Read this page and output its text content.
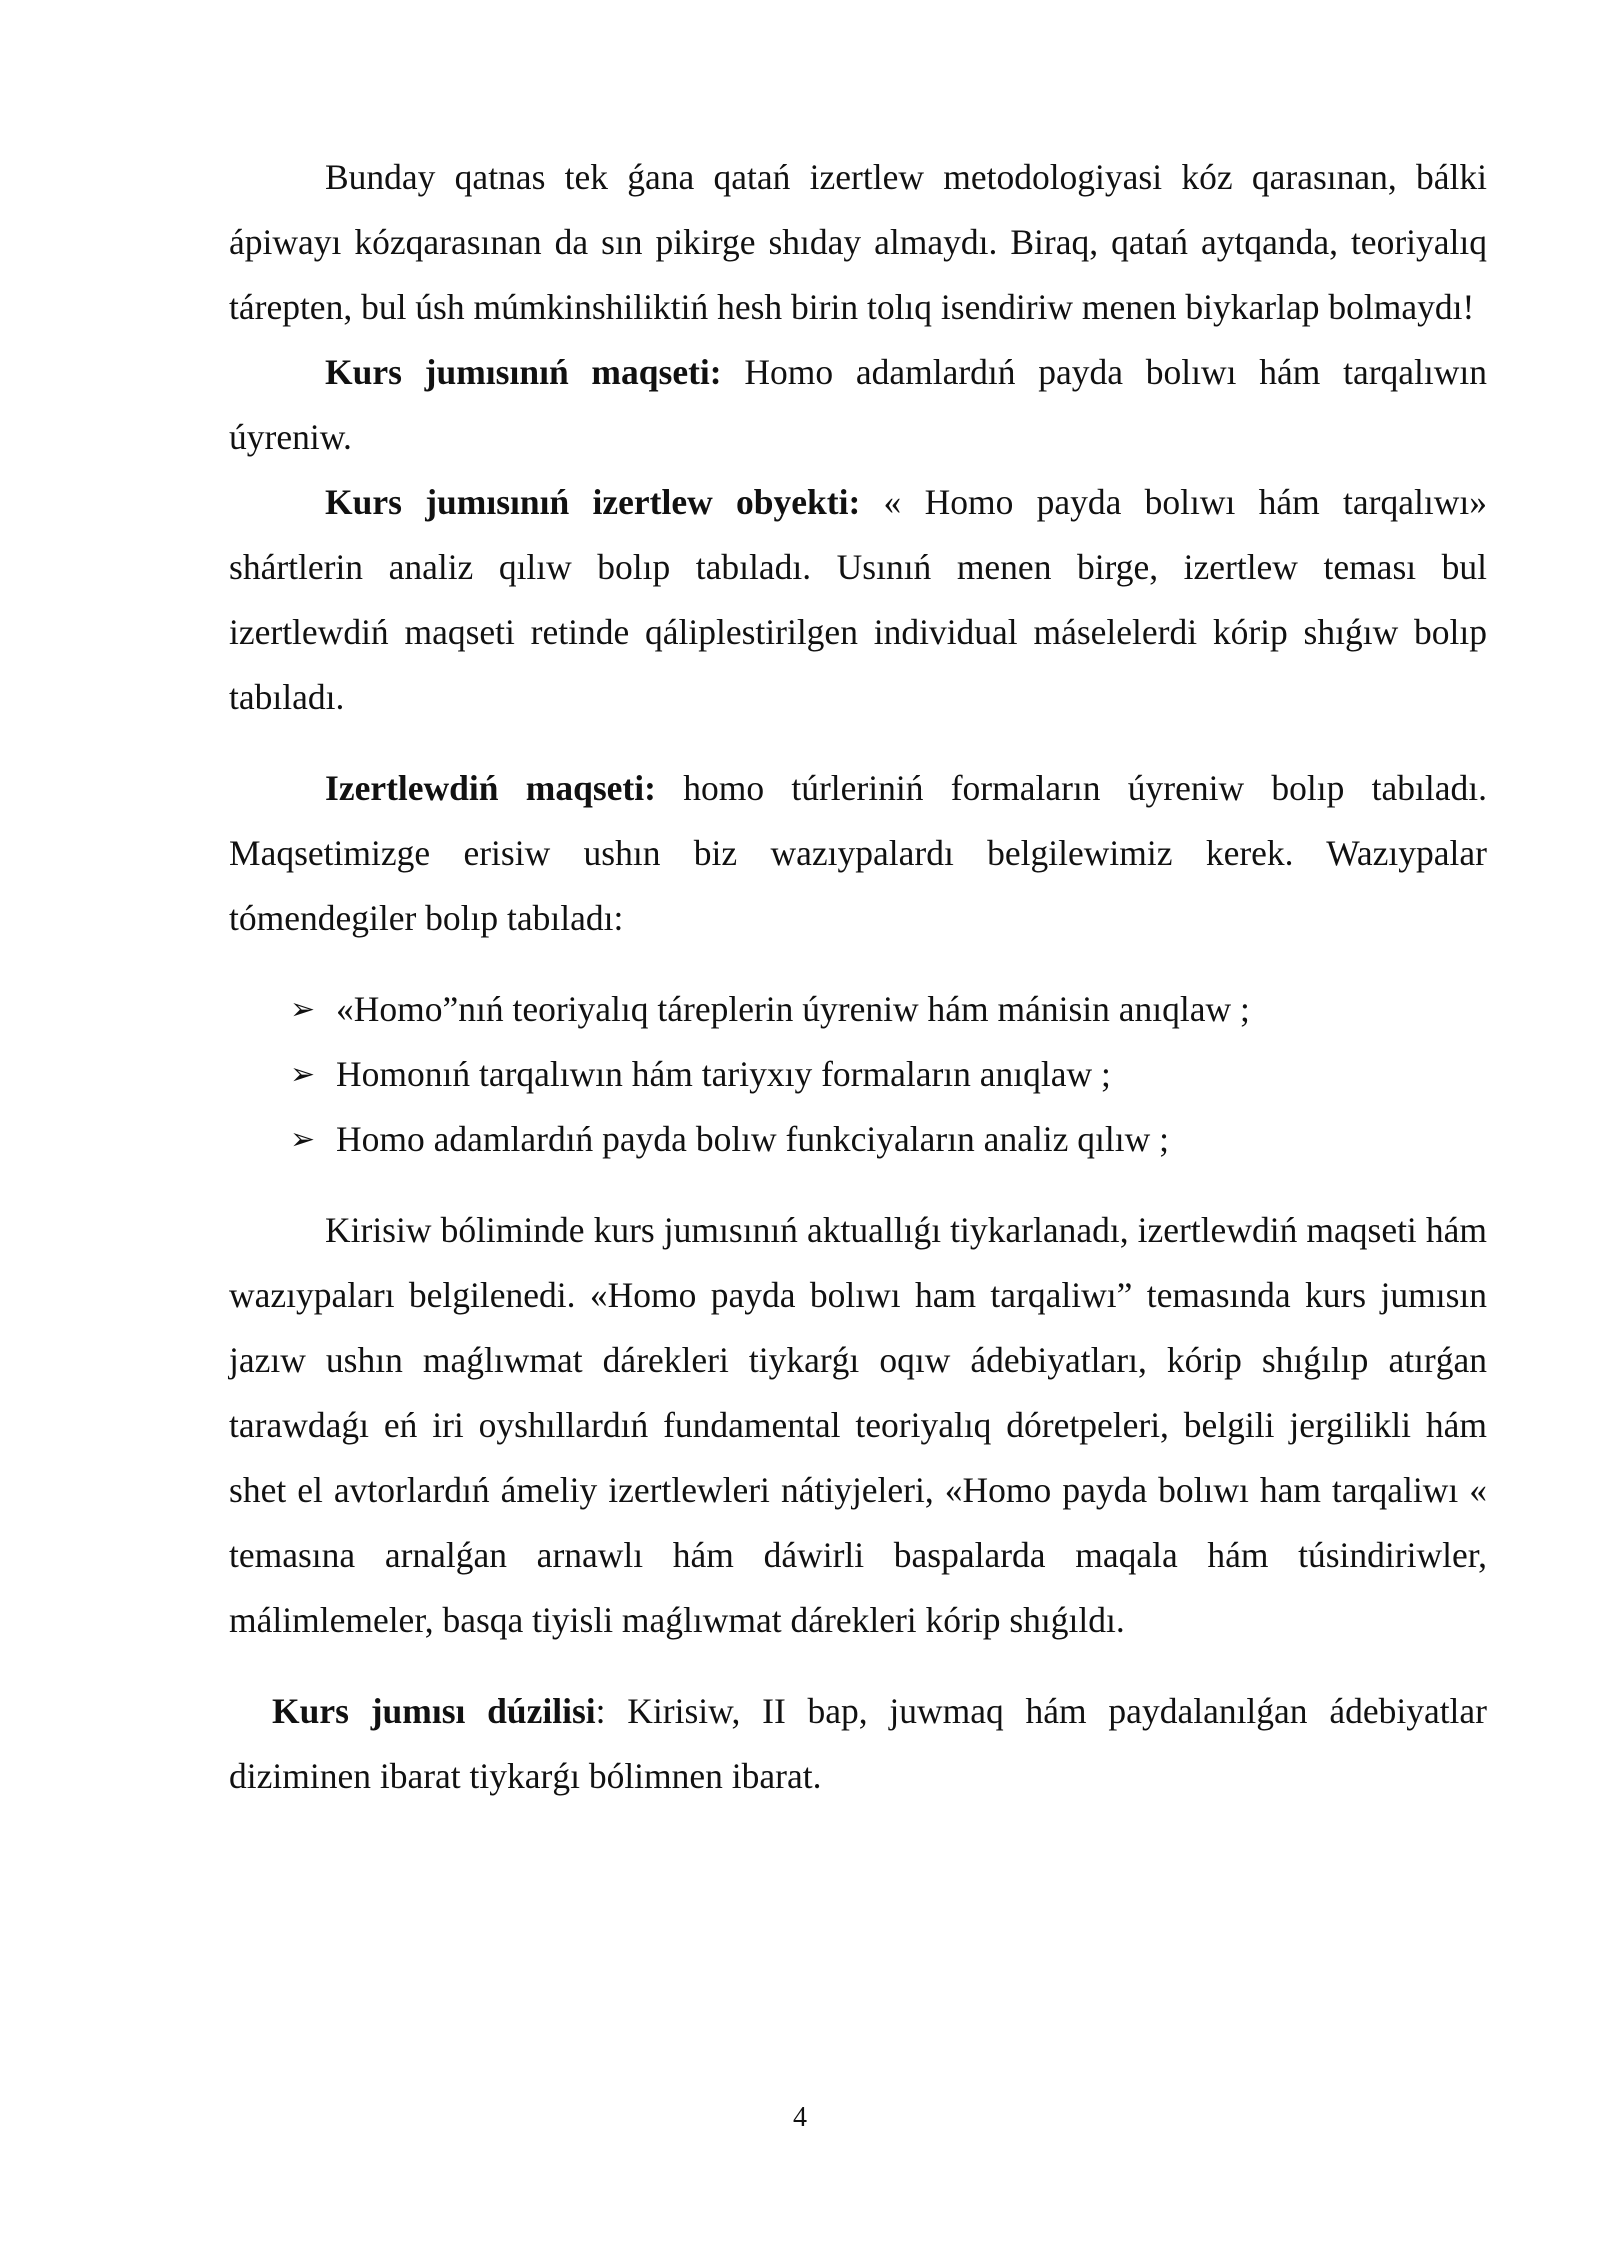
Bunday qatnas tek ǵana qatań izertlew metodologiyasi kóz qarasınan, bálki ápiwayı kózqarasınan da sın pikirge shıday almaydı. Biraq, qatań aytqanda, teoriyalıq tárepten, bul úsh múmkinshiliktiń hesh birin tolıq isendiriw menen biykarlap bolmaydı!

Kurs jumısınıń maqseti: Homo adamlardıń payda bolıwı hám tarqalıwın úyreniw.

Kurs jumısınıń izertlew obyekti: « Homo payda bolıwı hám tarqalıwı» shártlerin analiz qılıw bolıp tabıladı. Usınıń menen birge, izertlew teması bul izertlewdiń maqseti retinde qáliplestirilgen individual máselelerdi kórip shıǵıw bolıp tabıladı.

Izertlewdiń maqseti: homo túrleriniń formaların úyreniw bolıp tabıladı. Maqsetimizge erisiw ushın biz wazıypalardı belgilewimiz kerek. Wazıypalar tómendegiler bolıp tabıladı:

➢ «Homo”nıń teoriyalıq táreplerin úyreniw hám mánisin anıqlaw ;
➢ Homonıń tarqalıwın hám tariyxıy formaların anıqlaw ;
➢ Homo adamlardıń payda bolıw funkciyaların analiz qılıw ;

Kirisiw bóliminde kurs jumısınıń aktuallıǵı tiykarlanadı, izertlewdiń maqseti hám wazıypaları belgilenedi. «Homo payda bolıwı ham tarqaliwı” temasında kurs jumısın jazıw ushın maǵlıwmat dárekleri tiykarǵı oqıw ádebiyatları, kórip shıǵılıp atırǵan tarawdaǵı eń iri oyshıllardıń fundamental teoriyalıq dóretpeleri, belgili jergilikli hám shet el avtorlardıń ámeliy izertlewleri nátiyjeleri, «Homo payda bolıwı ham tarqaliwı « temasına arnalǵan arnawlı hám dáwirli baspalarda maqala hám túsindiriwler, málimlemeler, basqa tiyisli maǵlıwmat dárekleri kórip shıǵıldı.

Kurs jumısı dúzilisi: Kirisiw, II bap, juwmaq hám paydalanılǵan ádebiyatlar diziminen ibarat tiykarǵı bólimnen ibarat.

4
